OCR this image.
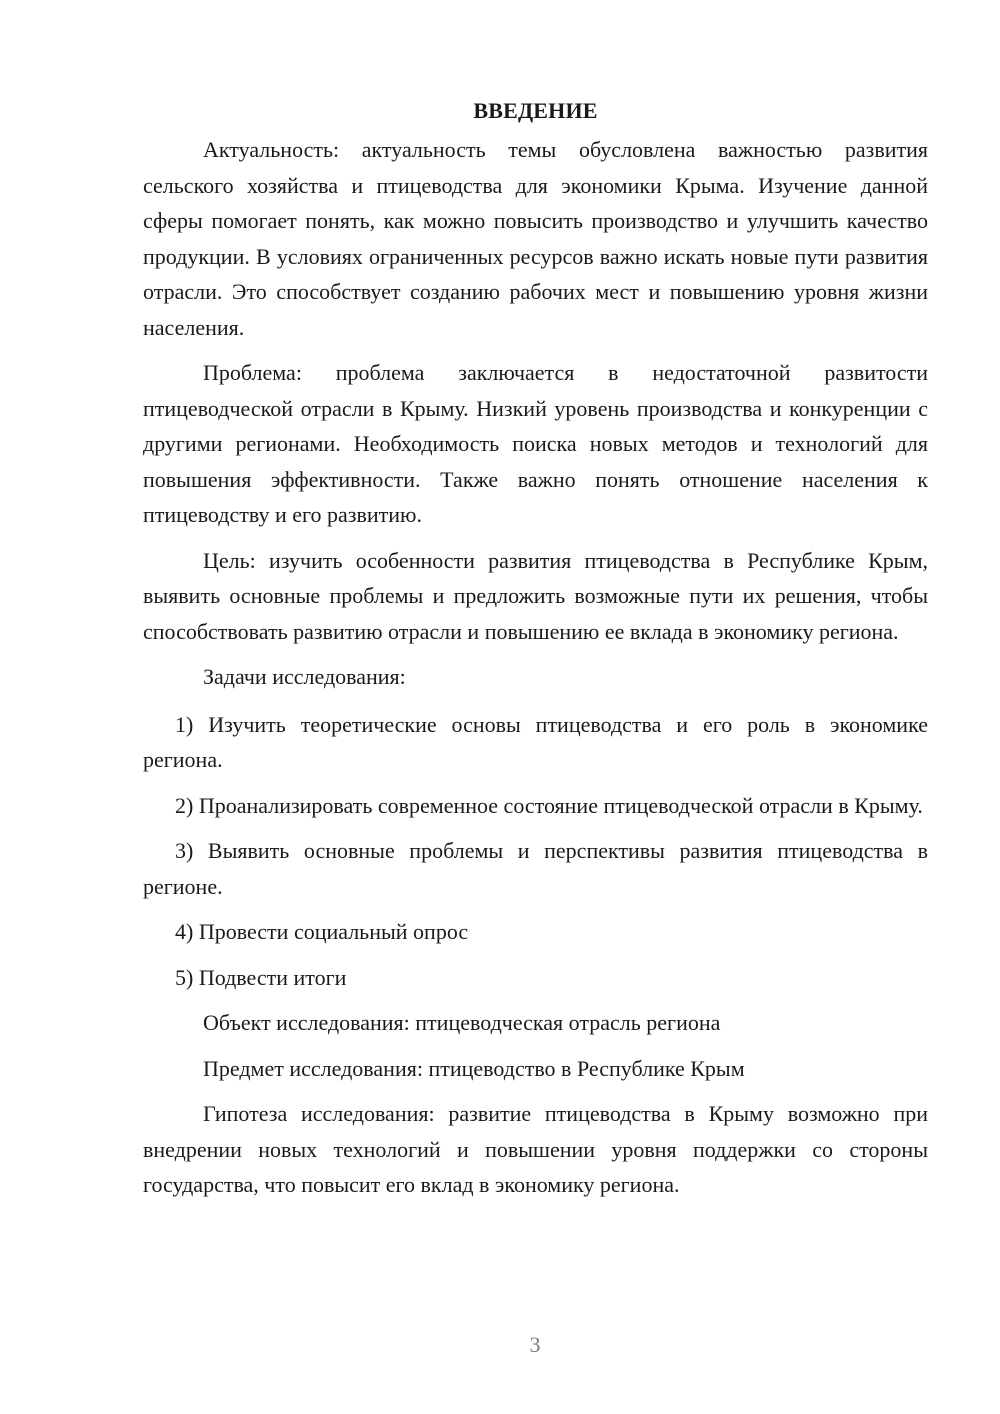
ВВЕДЕНИЕ

Актуальность: актуальность темы обусловлена важностью развития сельского хозяйства и птицеводства для экономики Крыма. Изучение данной сферы помогает понять, как можно повысить производство и улучшить качество продукции. В условиях ограниченных ресурсов важно искать новые пути развития отрасли. Это способствует созданию рабочих мест и повышению уровня жизни населения.

Проблема: проблема заключается в недостаточной развитости птицеводческой отрасли в Крыму. Низкий уровень производства и конкуренции с другими регионами. Необходимость поиска новых методов и технологий для повышения эффективности. Также важно понять отношение населения к птицеводству и его развитию.

Цель: изучить особенности развития птицеводства в Республике Крым, выявить основные проблемы и предложить возможные пути их решения, чтобы способствовать развитию отрасли и повышению ее вклада в экономику региона.

Задачи исследования:

1) Изучить теоретические основы птицеводства и его роль в экономике региона.

2) Проанализировать современное состояние птицеводческой отрасли в Крыму.

3) Выявить основные проблемы и перспективы развития птицеводства в регионе.

4) Провести социальный опрос

5) Подвести итоги

Объект исследования: птицеводческая отрасль региона

Предмет исследования: птицеводство в Республике Крым

Гипотеза исследования: развитие птицеводства в Крыму возможно при внедрении новых технологий и повышении уровня поддержки со стороны государства, что повысит его вклад в экономику региона.

3
